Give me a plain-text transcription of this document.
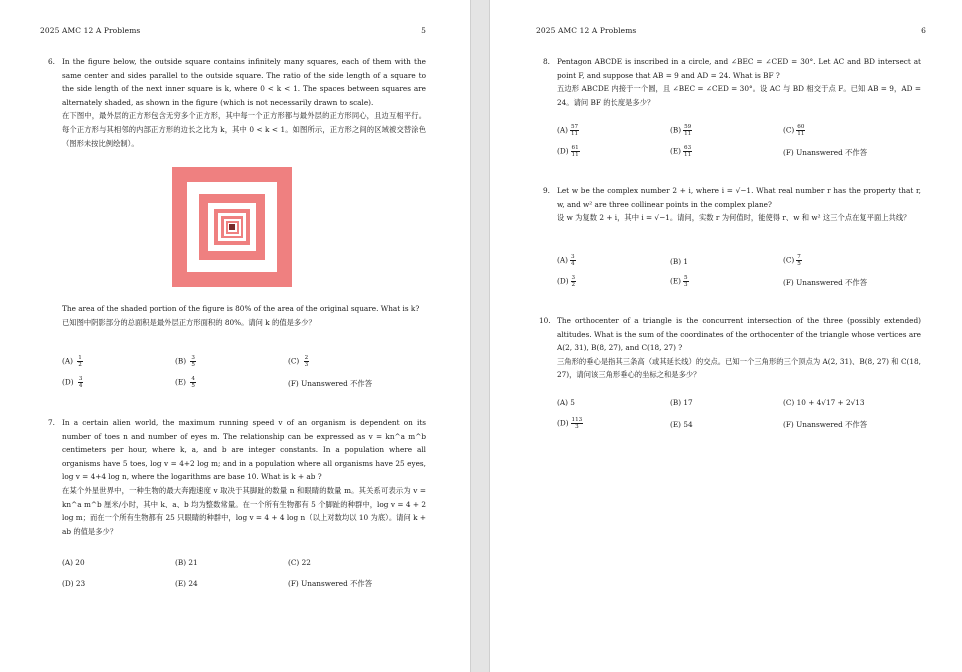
2025 AMC 12 A Problems	5
6. In the figure below, the outside square contains infinitely many squares, each of them with the same center and sides parallel to the outside square. The ratio of the side length of a square to the side length of the next inner square is k, where 0 < k < 1. The spaces between squares are alternately shaded, as shown in the figure (which is not necessarily drawn to scale).

在下图中，最外层的正方形包含无穷多个正方形，其中每一个正方形都与最外层的正方形同心，且边互相平行。每个正方形与其相邻的内部正方形的边长之比为 k，其中 0 < k < 1。如图所示，正方形之间的区域被交替涂色（图形未按比例绘制）。

The area of the shaded portion of the figure is 80% of the area of the original square. What is k?

已知图中阴影部分的总面积是最外层正方形面积的 80%。请问 k 的值是多少？

$(A) \frac{1}{2}$	$(B) \frac{3}{5}$	$(C) \frac{2}{3}$
$(D) \frac{3}{4}$	$(E) \frac{4}{5}$	(F) Unanswered 不作答
7. In a certain alien world, the maximum running speed v of an organism is dependent on its number of toes n and number of eyes m. The relationship can be expressed as v = kn^a m^b centimeters per hour, where k, a, and b are integer constants. In a population where all organisms have 5 toes, log v = 4+2 log m; and in a population where all organisms have 25 eyes, log v = 4+4 log n, where the logarithms are base 10. What is k + ab ?

在某个外星世界中，一种生物的最大奔跑速度 v 取决于其脚趾的数量 n 和眼睛的数量 m。其关系可表示为 v = kn^a m^b 厘米/小时，其中 k、a、b 均为整数常量。在一个所有生物都有 5 个脚趾的种群中，log v = 4 + 2 log m；而在一个所有生物都有 25 只眼睛的种群中，log v = 4 + 4 log n（以上对数均以 10 为底）。请问 k + ab 的值是多少？

(A) 20	(B) 21	(C) 22
(D) 23	(E) 24	(F) Unanswered 不作答
2025 AMC 12 A Problems	6
8. Pentagon ABCDE is inscribed in a circle, and ∠BEC = ∠CED = 30°. Let AC and BD intersect at point F, and suppose that AB = 9 and AD = 24. What is BF ?

五边形 ABCDE 内接于一个圆，且 ∠BEC = ∠CED = 30°。设 AC 与 BD 相交于点 F。已知 AB = 9，AD = 24。请问 BF 的长度是多少？

$(A) \frac{57}{11}$	$(B) \frac{59}{11}$	$(C) \frac{60}{11}$
$(D) \frac{61}{11}$	$(E) \frac{63}{11}$	(F) Unanswered 不作答
9. Let w be the complex number 2 + i, where i = √−1. What real number r has the property that r, w, and w² are three collinear points in the complex plane?

设 w 为复数 2 + i，其中 i = √−1。请问，实数 r 为何值时，能使得 r、w 和 w² 这三个点在复平面上共线？

$(A) \frac{3}{4}$	(B) 1	$(C) \frac{7}{5}$
$(D) \frac{3}{2}$	$(E) \frac{5}{3}$	(F) Unanswered 不作答
10. The orthocenter of a triangle is the concurrent intersection of the three (possibly extended) altitudes. What is the sum of the coordinates of the orthocenter of the triangle whose vertices are A(2, 31), B(8, 27), and C(18, 27) ?

三角形的垂心是指其三条高（或其延长线）的交点。已知一个三角形的三个顶点为 A(2, 31)、B(8, 27) 和 C(18, 27)，请问该三角形垂心的坐标之和是多少？

(A) 5	(B) 17	(C) 10 + 4√17 + 2√13
$(D) \frac{113}{3}$	(E) 54	(F) Unanswered 不作答
